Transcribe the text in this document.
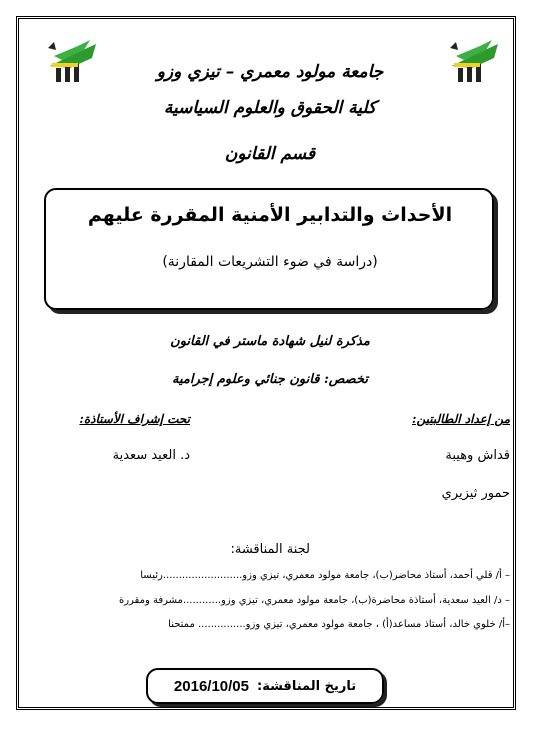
جامعة مولود معمري – تيزي وزو
كلية الحقوق والعلوم السياسية
قسم القانون
الأحداث والتدابير الأمنية المقررة عليهم
(دراسة في ضوء التشريعات المقارنة)
مذكرة لنيل شهادة ماستر في القانون
تخصص: قانون جنائي وعلوم إجرامية
من إعداد الطالبتين:
تحت إشراف الأستاذة:
قداش وهيبة
د. العيد سعدية
حمور ثيزيري
لجنة المناقشة:
– أ/ قلي أحمد، أستاذ محاضر(ب)، جامعة مولود معمري، تيزي وزو.........................رئيسا
– د/ العيد سعدية، أستاذة محاضرة(ب)، جامعة مولود معمري، تيزي وزو............مشرفة ومقررة
–أ/ خلوي خالد، أستاذ مساعد(أ) ، جامعة مولود معمري، تيزي وزو............... ممتحنا
تاريخ المناقشة:
2016/10/05
